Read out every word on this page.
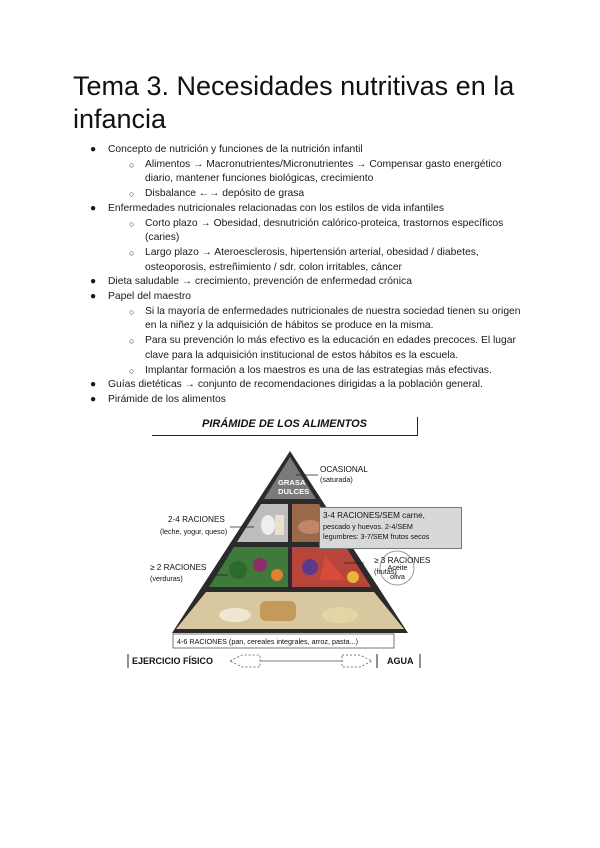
Tema 3. Necesidades nutritivas en la infancia
● Concepto de nutrición y funciones de la nutrición infantil
○ Alimentos → Macronutrientes/Micronutrientes → Compensar gasto energético diario, mantener funciones biológicas, crecimiento
○ Disbalance ←→ depósito de grasa
● Enfermedades nutricionales relacionadas con los estilos de vida infantiles
○ Corto plazo → Obesidad, desnutrición calórico-proteica, trastornos específicos (caries)
○ Largo plazo → Ateroesclerosis, hipertensión arterial, obesidad / diabetes, osteoporosis, estreñimiento / sdr. colon irritables, cáncer
● Dieta saludable → crecimiento, prevención de enfermedad crónica
● Papel del maestro
○ Si la mayoría de enfermedades nutricionales de nuestra sociedad tienen su origen en la niñez y la adquisición de hábitos se produce en la misma.
○ Para su prevención lo más efectivo es la educación en edades precoces. El lugar clave para la adquisición institucional de estos hábitos es la escuela.
○ Implantar formación a los maestros es una de las estrategias más efectivas.
● Guías dietéticas → conjunto de recomendaciones dirigidas a la población general.
● Pirámide de los alimentos
PIRÁMIDE DE LOS ALIMENTOS
GRASA
DULCES
OCASIONAL
(saturada)
2-4 RACIONES
(leche, yogur, queso)
3-4 RACIONES/SEM carne,
pescado y huevos. 2-4/SEM
legumbres: 3-7/SEM frutos secos
≥ 2 RACIONES
(verduras)
≥ 3 RACIONES
(frutas)
Aceite
oliva
4-6 RACIONES (pan, cereales integrales, arroz, pasta...)
EJERCICIO FÍSICO	AGUA
